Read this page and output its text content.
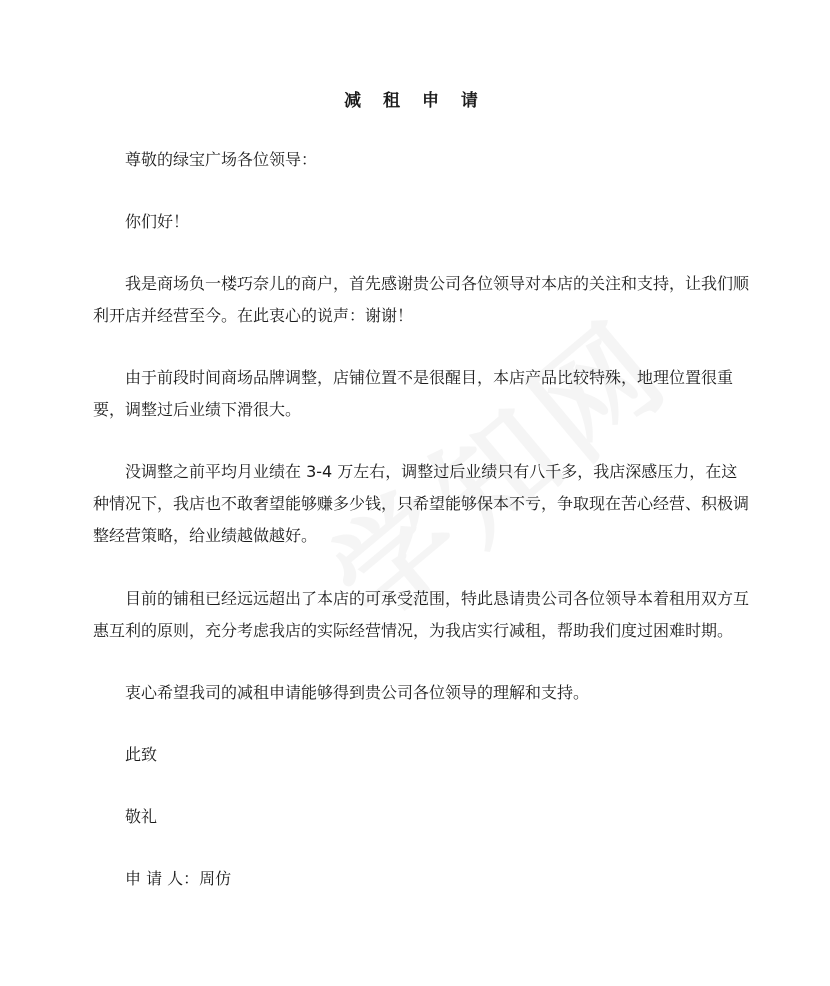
减 租 申 请
尊敬的绿宝广场各位领导：
你们好！
我是商场负一楼巧奈儿的商户，首先感谢贵公司各位领导对本店的关注和支持，让我们顺利开店并经营至今。在此衷心的说声：谢谢！
由于前段时间商场品牌调整，店铺位置不是很醒目，本店产品比较特殊，地理位置很重要，调整过后业绩下滑很大。
没调整之前平均月业绩在 3-4 万左右，调整过后业绩只有八千多，我店深感压力，在这种情况下，我店也不敢奢望能够赚多少钱，只希望能够保本不亏，争取现在苦心经营、积极调整经营策略，给业绩越做越好。
目前的铺租已经远远超出了本店的可承受范围，特此恳请贵公司各位领导本着租用双方互惠互利的原则，充分考虑我店的实际经营情况，为我店实行减租，帮助我们度过困难时期。
衷心希望我司的减租申请能够得到贵公司各位领导的理解和支持。
此致
敬礼
申 请 人：周仿
